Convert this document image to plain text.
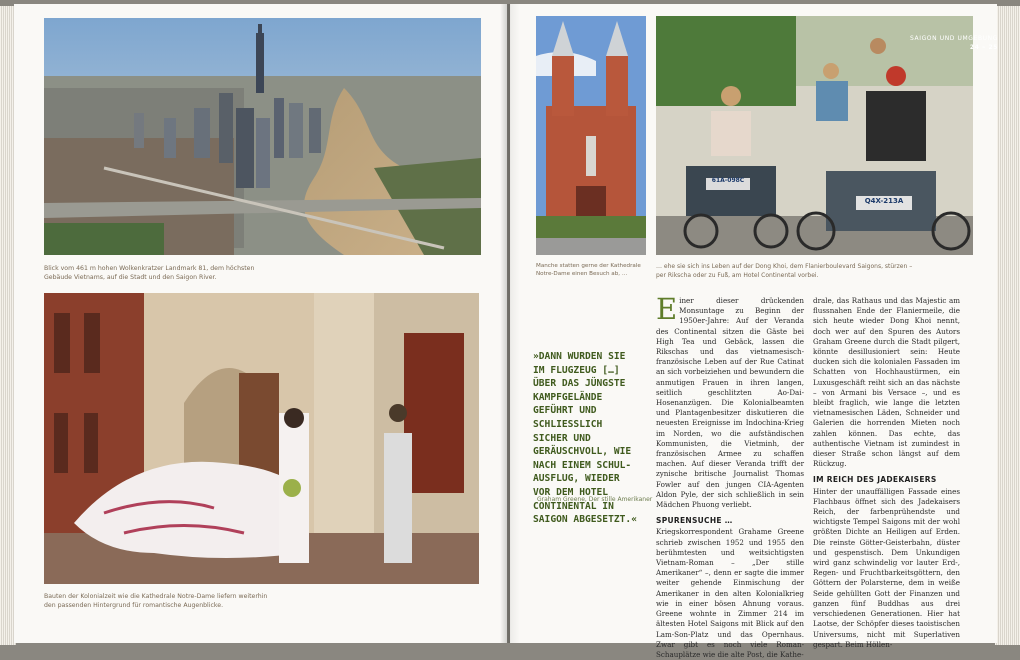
Blick vom 461 m hohen Wolkenkratzer Landmark 81, dem höchsten
Gebäude Vietnams, auf die Stadt und den Saigon River.
Bauten der Kolonialzeit wie die Kathedrale Notre-Dame liefern weiterhin
den passenden Hintergrund für romantische Augenblicke.
Manche statten gerne der Kathedrale
Notre-Dame einen Besuch ab, …
61A-098C
Q4X-213A
SAIGON UND UMGEBUNG
24 – 25
… ehe sie sich ins Leben auf der Dong Khoi, dem Flanierboulevard Saigons, stürzen –
per Rikscha oder zu Fuß, am Hotel Continental vorbei.
»DANN WURDEN SIE IM FLUGZEUG […] ÜBER DAS JÜNGSTE KAMPFGELÄNDE GEFÜHRT UND SCHLIESSLICH SICHER UND GERÄUSCHVOLL, WIE NACH EINEM SCHUL-AUSFLUG, WIEDER VOR DEM HOTEL CONTINENTAL IN SAIGON ABGESETZT.«
Graham Greene, Der stille Amerikaner

Einer dieser drückenden Monsuntage zu Beginn der 1950er-Jahre: Auf der Veranda des Continental sitzen die Gäste bei High Tea und Gebäck, lassen die Rikschas und das vietnamesisch-französische Leben auf der Rue Catinat an sich vorbeiziehen und bewundern die anmutigen Frauen in ihren langen, seitlich geschlitzten Ao-Dai-Hosenanzügen. Die Kolonialbeamten und Plantagenbesitzer diskutieren die neuesten Ereignisse im Indochina-Krieg im Norden, wo die aufständischen Kommunisten, die Vietminh, der französischen Armee zu schaffen machen. Auf dieser Veranda trifft der zynische britische Journalist Thomas Fowler auf den jungen CIA-Agenten Aldon Pyle, der sich schließlich in sein Mädchen Phuong verliebt.

SPURENSUCHE …

Kriegskorrespondent Grahame Greene schrieb zwischen 1952 und 1955 den berühmtesten und weitsichtigsten Vietnam-Roman – „Der stille Amerikaner“ –, denn er sagte die immer weiter gehende Einmischung der Amerikaner in den alten Kolonialkrieg wie in einer bösen Ahnung voraus. Greene wohnte in Zimmer 214 im ältesten Hotel Saigons mit Blick auf den Lam-Son-Platz und das Opernhaus. Zwar gibt es noch viele Roman-Schauplätze wie die alte Post, die Kathe-

drale, das Rathaus und das Majestic am flussnahen Ende der Flaniermeile, die sich heute wieder Dong Khoi nennt, doch wer auf den Spuren des Autors Graham Greene durch die Stadt pilgert, könnte desillusioniert sein: Heute ducken sich die kolonialen Fassaden im Schatten von Hochhaustürmen, ein Luxusgeschäft reiht sich an das nächste – von Armani bis Versace –, und es bleibt fraglich, wie lange die letzten vietnamesischen Läden, Schneider und Galerien die horrenden Mieten noch zahlen können. Das echte, das authentische Vietnam ist zumindest in dieser Straße schon längst auf dem Rückzug.

IM REICH DES JADEKAISERS

Hinter der unauffälligen Fassade eines Flachbaus öffnet sich des Jadekaisers Reich, der farbenprühendste und wichtigste Tempel Saigons mit der wohl größten Dichte an Heiligen auf Erden. Die reinste Götter-Geisterbahn, düster und gespenstisch. Dem Unkundigen wird ganz schwindelig vor lauter Erd-, Regen- und Fruchtbarkeitsgöttern, den Göttern der Polarsterne, dem in weiße Seide gehüllten Gott der Finanzen und ganzen fünf Buddhas aus drei verschiedenen Generationen. Hier hat Laotse, der Schöpfer dieses taoistischen Universums, nicht mit Superlativen gespart. Beim Höllen-
